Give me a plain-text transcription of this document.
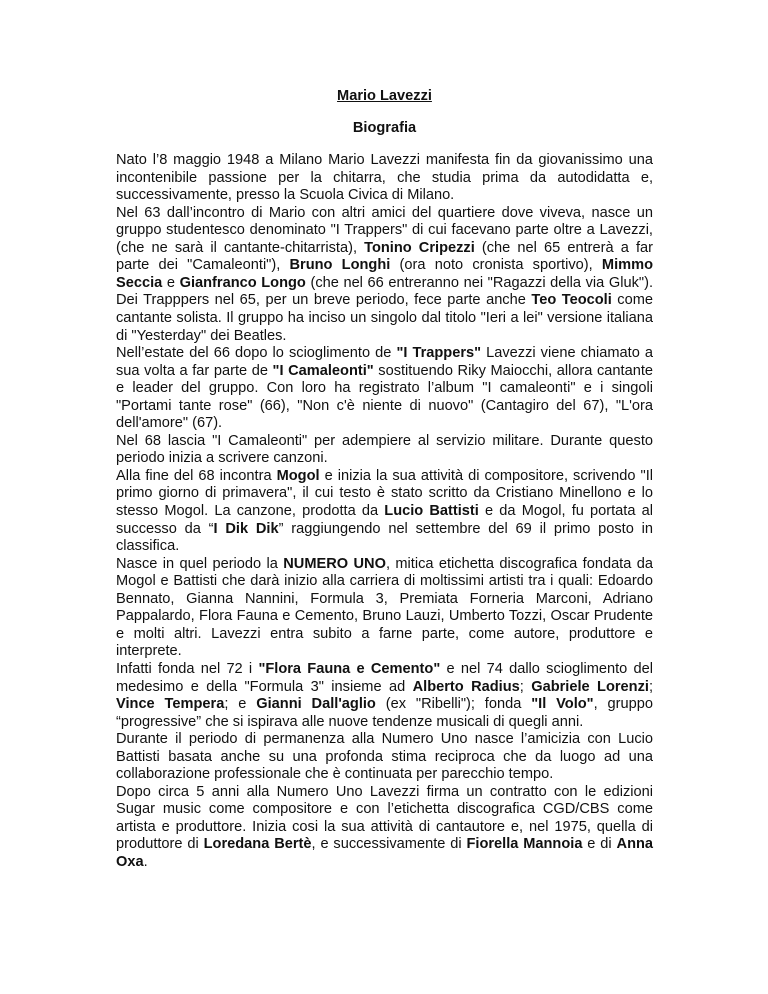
Mario Lavezzi

Biografia

Nato l’8 maggio 1948 a Milano Mario Lavezzi manifesta fin da giovanissimo una incontenibile passione per la chitarra, che studia prima da autodidatta e, successivamente, presso la Scuola Civica di Milano.

Nel 63 dall’incontro di Mario con altri amici del quartiere dove viveva, nasce un gruppo studentesco denominato "I Trappers" di cui facevano parte oltre a Lavezzi, (che ne sarà il cantante-chitarrista), Tonino Cripezzi (che nel 65 entrerà a far parte dei "Camaleonti"), Bruno Longhi (ora noto cronista sportivo), Mimmo Seccia e Gianfranco Longo (che nel 66 entreranno nei "Ragazzi della via Gluk"). Dei Trapppers nel 65, per un breve periodo, fece parte anche Teo Teocoli come cantante solista. Il gruppo ha inciso un singolo dal titolo "Ieri a lei" versione italiana di "Yesterday" dei Beatles.

Nell’estate del 66 dopo lo scioglimento de "I Trappers" Lavezzi viene chiamato a sua volta a far parte de "I Camaleonti" sostituendo Riky Maiocchi, allora cantante e leader del gruppo. Con loro ha registrato l’album "I camaleonti" e i singoli "Portami tante rose" (66), "Non c'è niente di nuovo" (Cantagiro del 67), "L'ora dell'amore" (67).

Nel 68 lascia "I Camaleonti" per adempiere al servizio militare. Durante questo periodo inizia a scrivere canzoni.

Alla fine del 68 incontra Mogol e inizia la sua attività di compositore, scrivendo "Il primo giorno di primavera", il cui testo è stato scritto da Cristiano Minellono e lo stesso Mogol. La canzone, prodotta da Lucio Battisti e da Mogol, fu portata al successo da “I Dik Dik” raggiungendo nel settembre del 69 il primo posto in classifica.

Nasce in quel periodo la NUMERO UNO, mitica etichetta discografica fondata da Mogol e Battisti che darà inizio alla carriera di moltissimi artisti tra i quali: Edoardo Bennato, Gianna Nannini, Formula 3, Premiata Forneria Marconi, Adriano Pappalardo, Flora Fauna e Cemento, Bruno Lauzi, Umberto Tozzi, Oscar Prudente e molti altri. Lavezzi entra subito a farne parte, come autore, produttore e interprete.

Infatti fonda nel 72 i "Flora Fauna e Cemento" e nel 74 dallo scioglimento del medesimo e della "Formula 3" insieme ad Alberto Radius; Gabriele Lorenzi; Vince Tempera; e Gianni Dall'aglio (ex "Ribelli"); fonda "Il Volo", gruppo “progressive” che si ispirava alle nuove tendenze musicali di quegli anni.

Durante il periodo di permanenza alla Numero Uno nasce l’amicizia con Lucio Battisti basata anche su una profonda stima reciproca che da luogo ad una collaborazione professionale che è continuata per parecchio tempo.

Dopo circa 5 anni alla Numero Uno Lavezzi firma un contratto con le edizioni Sugar music come compositore e con l’etichetta discografica CGD/CBS come artista e produttore. Inizia cosi la sua attività di cantautore e, nel 1975, quella di produttore di Loredana Bertè, e successivamente di Fiorella Mannoia e di Anna Oxa.
